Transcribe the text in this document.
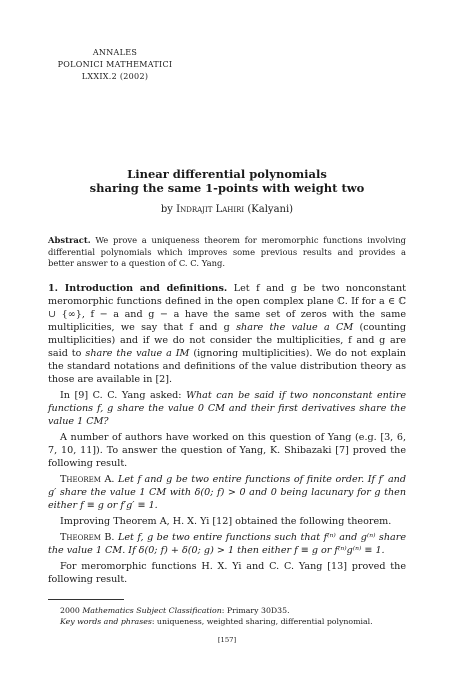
ANNALES
POLONICI MATHEMATICI
LXXIX.2 (2002)
Linear differential polynomials
sharing the same 1-points with weight two
by Indrajit Lahiri (Kalyani)
Abstract. We prove a uniqueness theorem for meromorphic functions involving differential polynomials which improves some previous results and provides a better answer to a question of C. C. Yang.

1. Introduction and definitions. Let f and g be two nonconstant meromorphic functions defined in the open complex plane ℂ. If for a ∈ ℂ ∪ {∞}, f − a and g − a have the same set of zeros with the same multiplicities, we say that f and g share the value a CM (counting multiplicities) and if we do not consider the multiplicities, f and g are said to share the value a IM (ignoring multiplicities). We do not explain the standard notations and definitions of the value distribution theory as those are available in [2].

In [9] C. C. Yang asked: What can be said if two nonconstant entire functions f, g share the value 0 CM and their first derivatives share the value 1 CM?

A number of authors have worked on this question of Yang (e.g. [3, 6, 7, 10, 11]). To answer the question of Yang, K. Shibazaki [7] proved the following result.

Theorem A. Let f and g be two entire functions of finite order. If f′ and g′ share the value 1 CM with δ(0; f) > 0 and 0 being lacunary for g then either f ≡ g or f′g′ ≡ 1.

Improving Theorem A, H. X. Yi [12] obtained the following theorem.

Theorem B. Let f, g be two entire functions such that f⁽ⁿ⁾ and g⁽ⁿ⁾ share the value 1 CM. If δ(0; f) + δ(0; g) > 1 then either f ≡ g or f⁽ⁿ⁾g⁽ⁿ⁾ ≡ 1.

For meromorphic functions H. X. Yi and C. C. Yang [13] proved the following result.

2000 Mathematics Subject Classification: Primary 30D35.

Key words and phrases: uniqueness, weighted sharing, differential polynomial.

[157]
